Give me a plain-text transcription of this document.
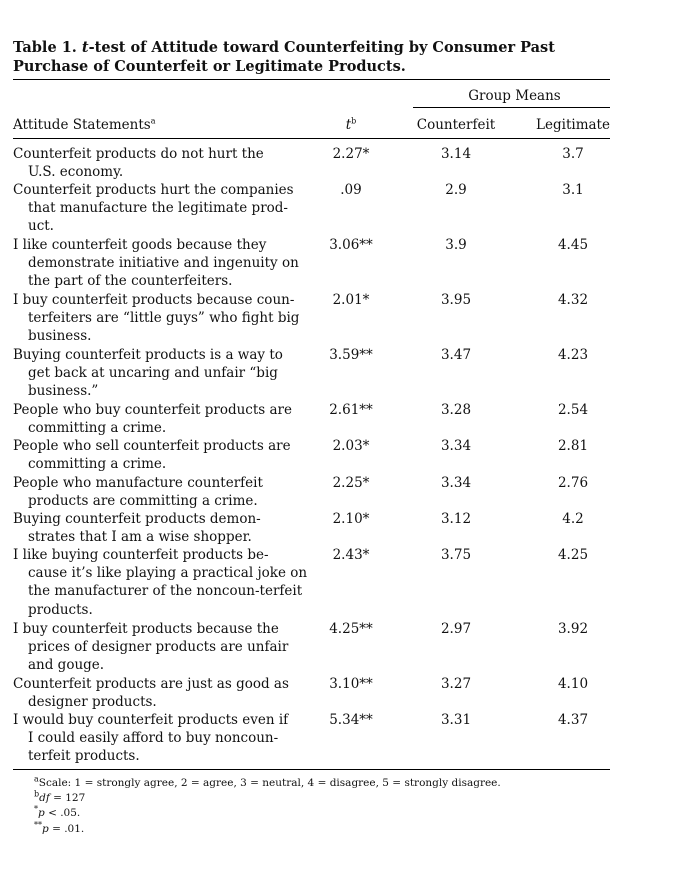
Table 1. t-test of Attitude toward Counterfeiting by Consumer Past Purchase of Counterfeit or Legitimate Products.
Group Means
Attitude Statements$^a$	$t^b$	Counterfeit	Legitimate
Counterfeit products do not hurt the
U.S. economy.
2.27*	3.14	3.7
Counterfeit products hurt the companies
that manufacture the legitimate prod-uct.
.09	2.9	3.1
I like counterfeit goods because they
demonstrate initiative and ingenuity on the part of the counterfeiters.
3.06**	3.9	4.45
I buy counterfeit products because coun-
terfeiters are “little guys” who fight big business.
2.01*	3.95	4.32
Buying counterfeit products is a way to
get back at uncaring and unfair “big business.”
3.59**	3.47	4.23
People who buy counterfeit products are
committing a crime.
2.61**	3.28	2.54
People who sell counterfeit products are
committing a crime.
2.03*	3.34	2.81
People who manufacture counterfeit
products are committing a crime.
2.25*	3.34	2.76
Buying counterfeit products demon-
strates that I am a wise shopper.
2.10*	3.12	4.2
I like buying counterfeit products be-
cause it’s like playing a practical joke on the manufacturer of the noncoun-terfeit products.
2.43*	3.75	4.25
I buy counterfeit products because the
prices of designer products are unfair and gouge.
4.25**	2.97	3.92
Counterfeit products are just as good as
designer products.
3.10**	3.27	4.10
I would buy counterfeit products even if
I could easily afford to buy noncoun-terfeit products.
5.34**	3.31	4.37
$^a$Scale: 1 = strongly agree, 2 = agree, 3 = neutral, 4 = disagree, 5 = strongly disagree.
$^b$df = 127
*p < .05.
**p = .01.
